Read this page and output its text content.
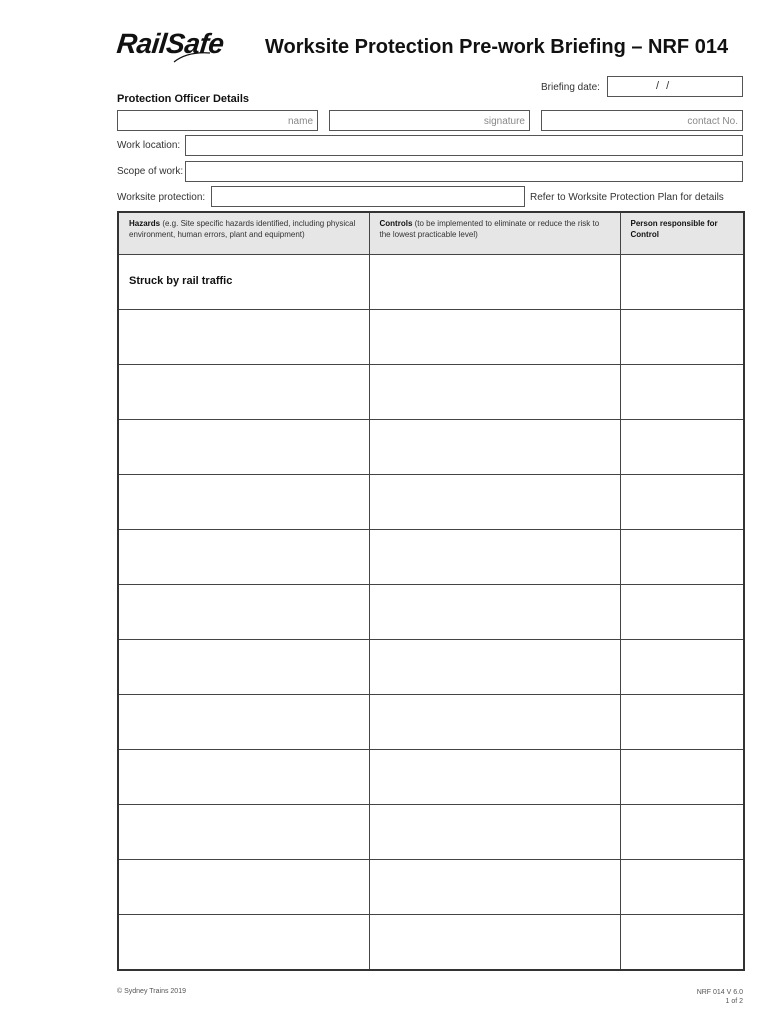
RailSafe Worksite Protection Pre-work Briefing – NRF 014
Briefing date:	/ /
Protection Officer Details
name	signature	contact No.
Work location:
Scope of work:
Worksite protection:	Refer to Worksite Protection Plan for details
Hazards (e.g. Site specific hazards identified, including physical environment, human errors, plant and equipment)	Controls (to be implemented to eliminate or reduce the risk to the lowest practicable level)	Person responsible for Control

Struck by rail traffic		

© Sydney Trains 2019	NRF 014 V 6.0
1 of 2
